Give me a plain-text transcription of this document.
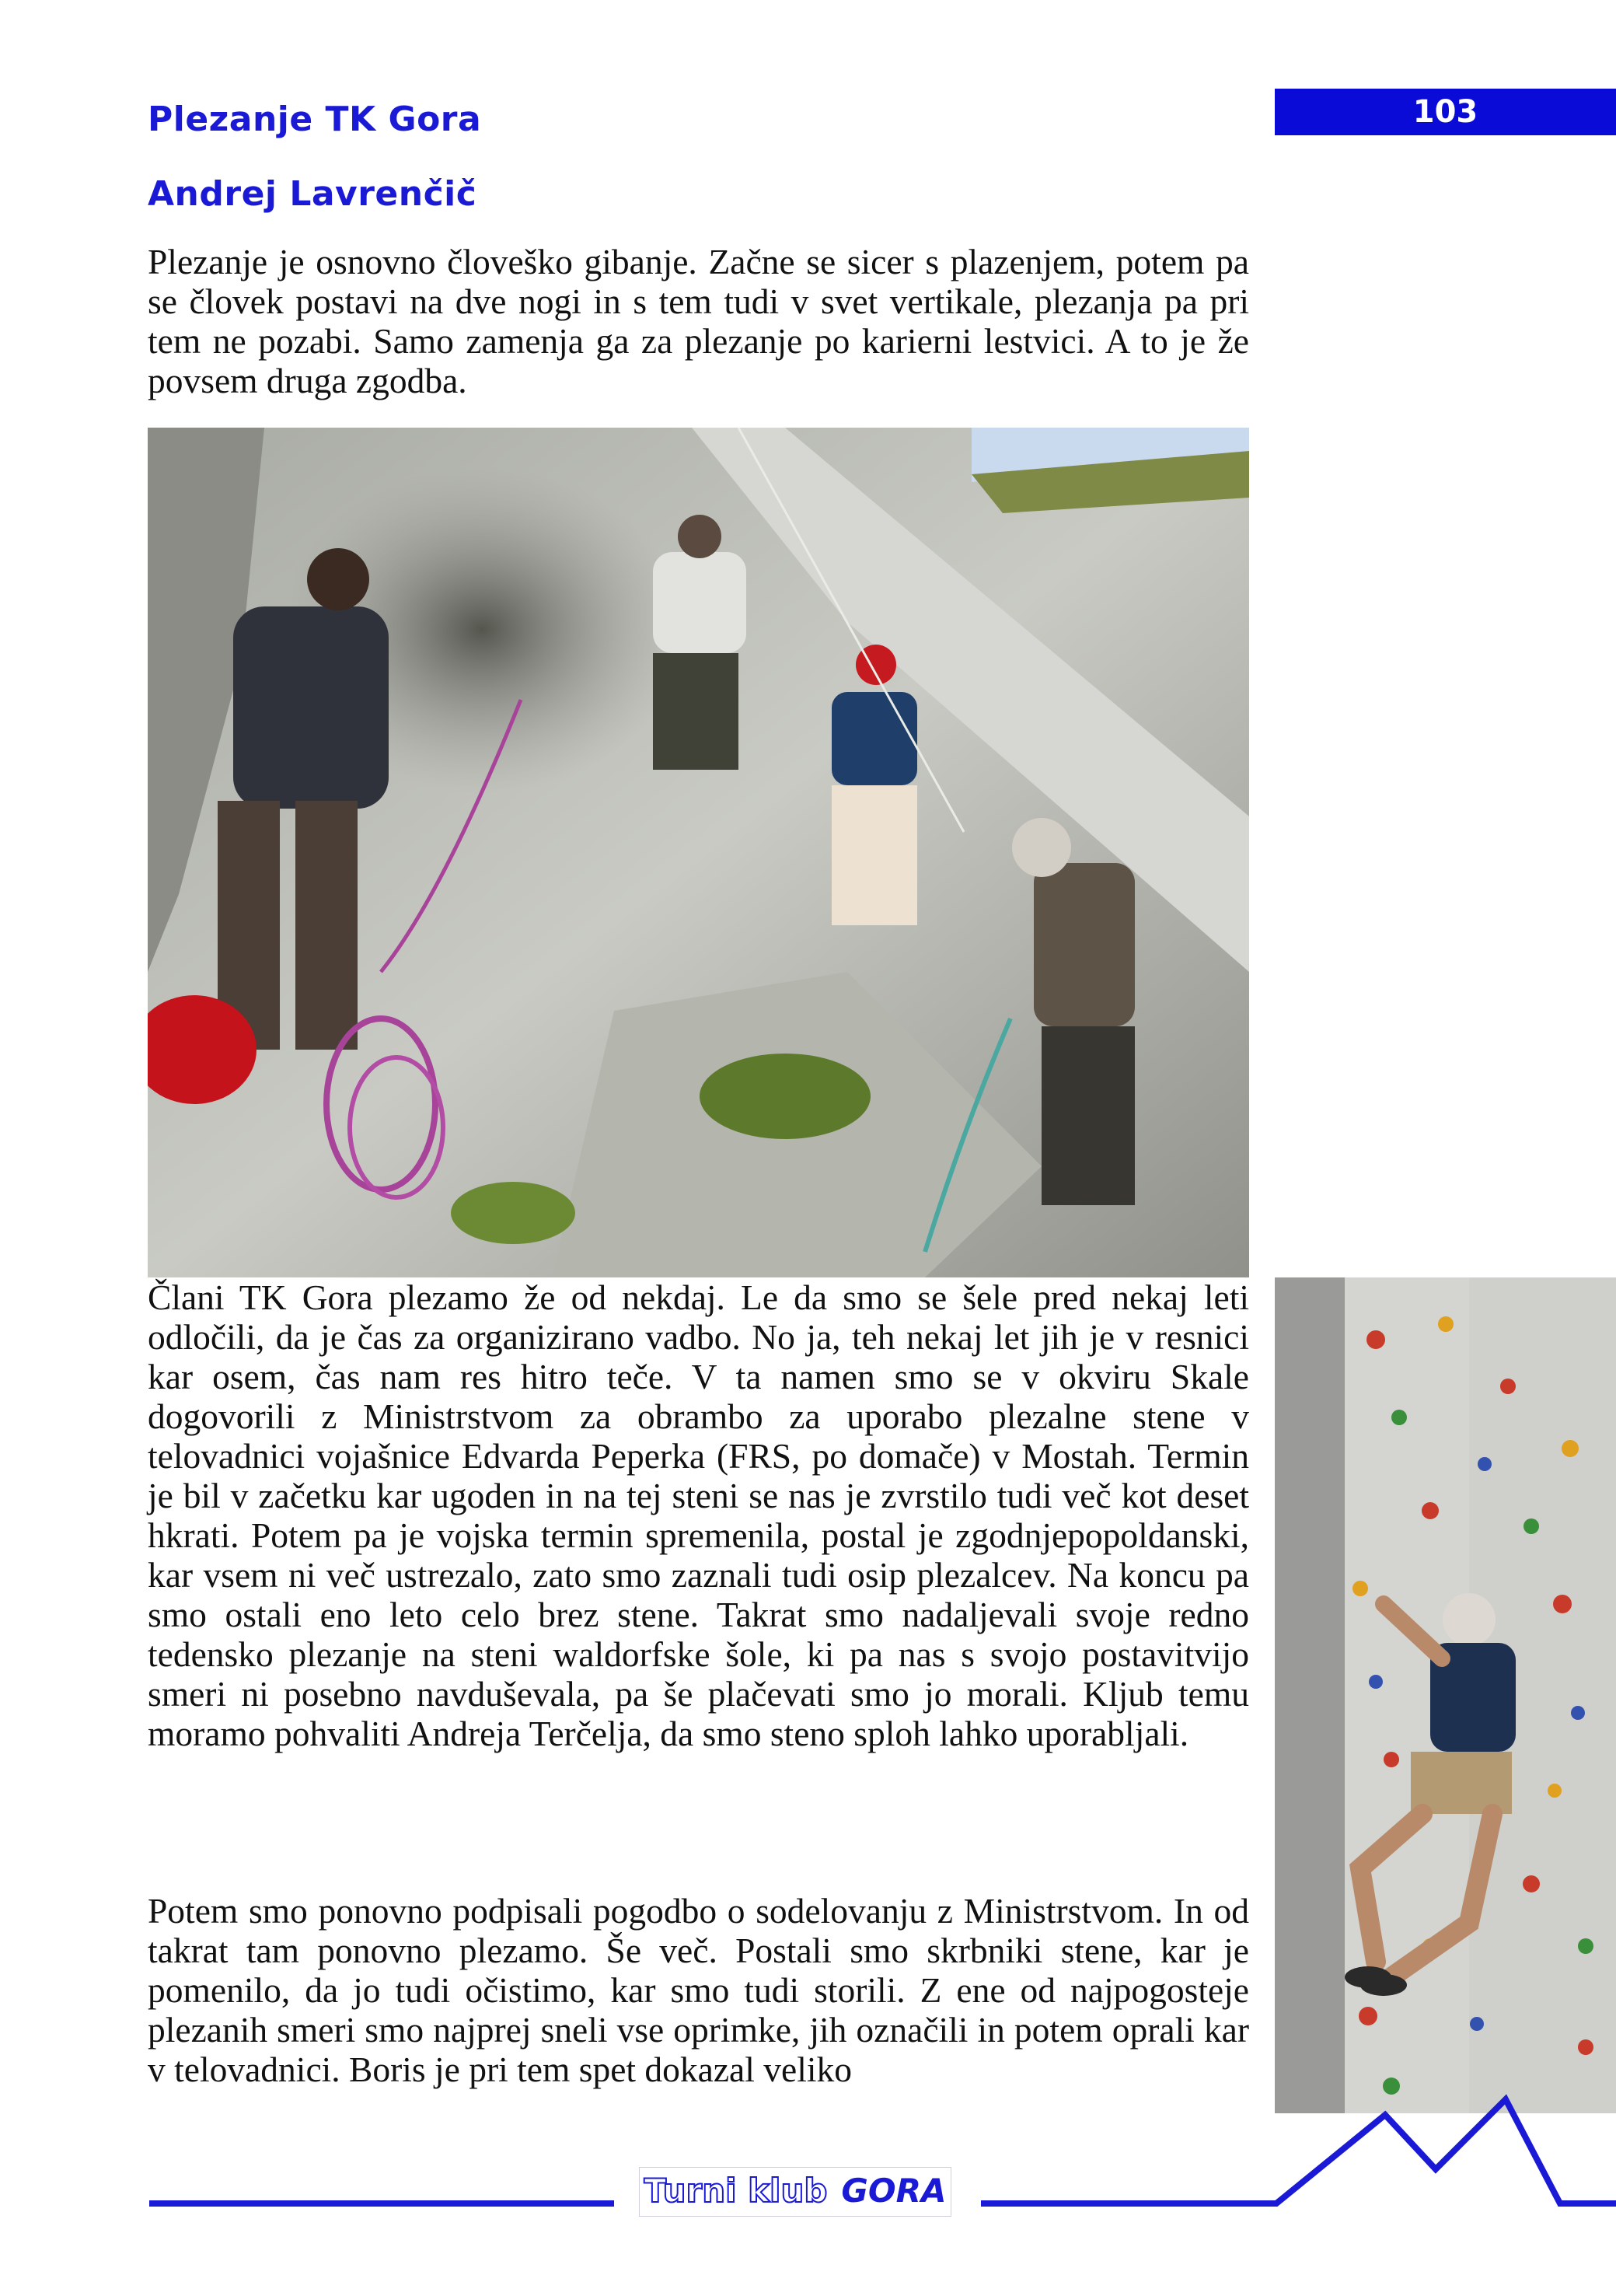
Plezanje TK Gora	103
Andrej Lavrenčič

Plezanje je osnovno človeško gibanje. Začne se sicer s plazenjem, potem pa se človek postavi na dve nogi in s tem tudi v svet vertikale, plezanja pa pri tem ne pozabi. Samo zamenja ga za plezanje po karierni lestvici. A to je že povsem druga zgodba.

Člani TK Gora plezamo že od nekdaj. Le da smo se šele pred nekaj leti odločili, da je čas za organizirano vadbo. No ja, teh nekaj let jih je v resnici kar osem, čas nam res hitro teče. V ta namen smo se v okviru Skale dogovorili z Ministrstvom za obrambo za uporabo plezalne stene v telovadnici vojašnice Edvarda Peperka (FRS, po domače) v Mostah. Termin je bil v začetku kar ugoden in na tej steni se nas je zvrstilo tudi več kot deset hkrati. Potem pa je vojska termin spremenila, postal je zgodnjepopoldanski, kar vsem ni več ustrezalo, zato smo zaznali tudi osip plezalcev. Na koncu pa smo ostali eno leto celo brez stene. Takrat smo nadaljevali svoje redno tedensko plezanje na steni waldorfske šole, ki pa nas s svojo postavitvijo smeri ni posebno navduševala, pa še plačevati smo jo morali. Kljub temu moramo pohvaliti Andreja Terčelja, da smo steno sploh lahko uporabljali.

Potem smo ponovno podpisali pogodbo o sodelovanju z Ministrstvom. In od takrat tam ponovno plezamo. Še več. Postali smo skrbniki stene, kar je pomenilo, da jo tudi očistimo, kar smo tudi storili. Z ene od najpogosteje plezanih smeri smo najprej sneli vse oprimke, jih označili in potem oprali kar v telovadnici. Boris je pri tem spet dokazal veliko

Turni klub GORA
